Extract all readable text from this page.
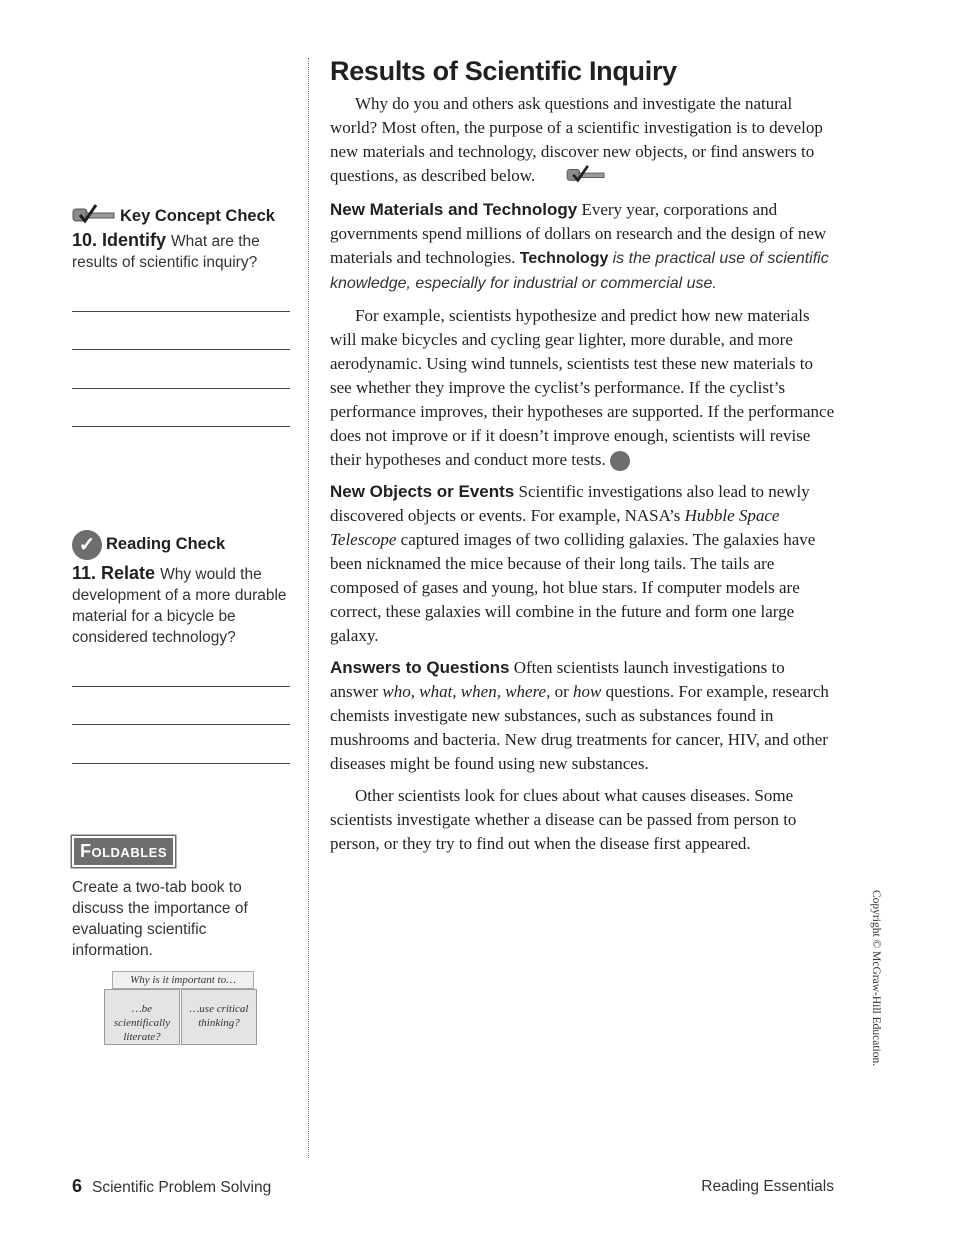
Key Concept Check
10. Identify What are the results of scientific inquiry?
✓ Reading Check
11. Relate Why would the development of a more durable material for a bicycle be considered technology?
Foldables
Create a two-tab book to discuss the importance of evaluating scientific information.
Why is it important to…
…be scientifically literate?
…use critical thinking?
Results of Scientific Inquiry

Why do you and others ask questions and investigate the natural world? Most often, the purpose of a scientific investigation is to develop new materials and technology, discover new objects, or find answers to questions, as described below.

New Materials and Technology Every year, corporations and governments spend millions of dollars on research and the design of new materials and technologies. Technology is the practical use of scientific knowledge, especially for industrial or commercial use.

For example, scientists hypothesize and predict how new materials will make bicycles and cycling gear lighter, more durable, and more aerodynamic. Using wind tunnels, scientists test these new materials to see whether they improve the cyclist’s performance. If the cyclist’s performance improves, their hypotheses are supported. If the performance does not improve or if it doesn’t improve enough, scientists will revise their hypotheses and conduct more tests. ✓

New Objects or Events Scientific investigations also lead to newly discovered objects or events. For example, NASA’s Hubble Space Telescope captured images of two colliding galaxies. The galaxies have been nicknamed the mice because of their long tails. The tails are composed of gases and young, hot blue stars. If computer models are correct, these galaxies will combine in the future and form one large galaxy.

Answers to Questions Often scientists launch investigations to answer who, what, when, where, or how questions. For example, research chemists investigate new substances, such as substances found in mushrooms and bacteria. New drug treatments for cancer, HIV, and other diseases might be found using new substances.

Other scientists look for clues about what causes diseases. Some scientists investigate whether a disease can be passed from person to person, or they try to find out when the disease first appeared.

Copyright © McGraw-Hill Education.
6 Scientific Problem Solving	Reading Essentials
